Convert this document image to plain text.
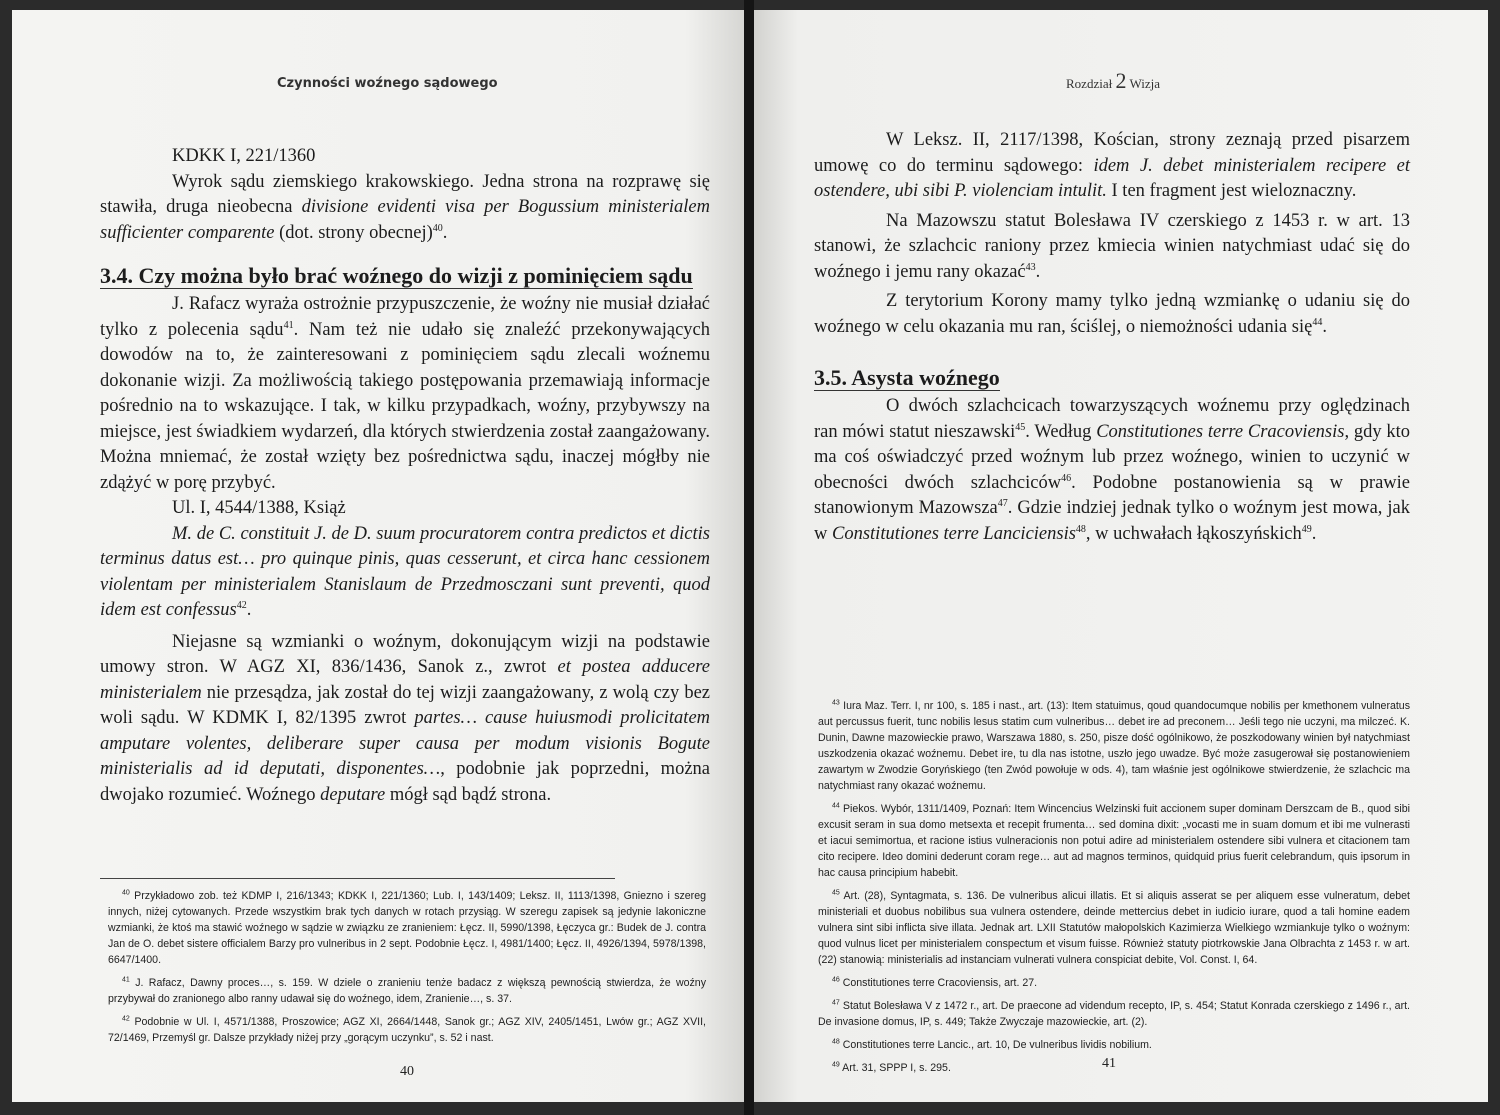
Czynności woźnego sądowego

KDKK I, 221/1360

Wyrok sądu ziemskiego krakowskiego. Jedna strona na rozprawę się stawiła, druga nieobecna divisione evidenti visa per Bogussium ministerialem sufficienter comparente (dot. strony obecnej)$^{40}$.

3.4. Czy można było brać woźnego do wizji z pominięciem sądu

J. Rafacz wyraża ostrożnie przypuszczenie, że woźny nie musiał działać tylko z polecenia sądu$^{41}$. Nam też nie udało się znaleźć przekonywających dowodów na to, że zainteresowani z pominięciem sądu zlecali woźnemu dokonanie wizji. Za możliwością takiego postępowania przemawiają informacje pośrednio na to wskazujące. I tak, w kilku przypadkach, woźny, przybywszy na miejsce, jest świadkiem wydarzeń, dla których stwierdzenia został zaangażowany. Można mniemać, że został wzięty bez pośrednictwa sądu, inaczej mógłby nie zdążyć w porę przybyć.

Ul. I, 4544/1388, Książ

M. de C. constituit J. de D. suum procuratorem contra predictos et dictis terminus datus est… pro quinque pinis, quas cesserunt, et circa hanc cessionem violentam per ministerialem Stanislaum de Przedmosczani sunt preventi, quod idem est confessus$^{42}$.

Niejasne są wzmianki o woźnym, dokonującym wizji na podstawie umowy stron. W AGZ XI, 836/1436, Sanok z., zwrot et postea adducere ministerialem nie przesądza, jak został do tej wizji zaangażowany, z wolą czy bez woli sądu. W KDMK I, 82/1395 zwrot partes… cause huiusmodi prolicitatem amputare volentes, deliberare super causa per modum visionis Bogute ministerialis ad id deputati, disponentes…, podobnie jak poprzedni, można dwojako rozumieć. Woźnego deputare mógł sąd bądź strona.

$^{40}$ Przykładowo zob. też KDMP I, 216/1343; KDKK I, 221/1360; Lub. I, 143/1409; Leksz. II, 1113/1398, Gniezno i szereg innych, niżej cytowanych. Przede wszystkim brak tych danych w rotach przysiąg. W szeregu zapisek są jedynie lakoniczne wzmianki, że ktoś ma stawić woźnego w sądzie w związku ze zranieniem: Łęcz. II, 5990/1398, Łęczyca gr.: Budek de J. contra Jan de O. debet sistere officialem Barzy pro vulneribus in 2 sept. Podobnie Łęcz. I, 4981/1400; Łęcz. II, 4926/1394, 5978/1398, 6647/1400.

$^{41}$ J. Rafacz, Dawny proces…, s. 159. W dziele o zranieniu tenże badacz z większą pewnością stwierdza, że woźny przybywał do zranionego albo ranny udawał się do woźnego, idem, Zranienie…, s. 37.

$^{42}$ Podobnie w Ul. I, 4571/1388, Proszowice; AGZ XI, 2664/1448, Sanok gr.; AGZ XIV, 2405/1451, Lwów gr.; AGZ XVII, 72/1469, Przemyśl gr. Dalsze przykłady niżej przy „gorącym uczynku”, s. 52 i nast.

40
Rozdział 2 Wizja

W Leksz. II, 2117/1398, Kościan, strony zeznają przed pisarzem umowę co do terminu sądowego: idem J. debet ministerialem recipere et ostendere, ubi sibi P. violenciam intulit. I ten fragment jest wieloznaczny.

Na Mazowszu statut Bolesława IV czerskiego z 1453 r. w art. 13 stanowi, że szlachcic raniony przez kmiecia winien natychmiast udać się do woźnego i jemu rany okazać$^{43}$.

Z terytorium Korony mamy tylko jedną wzmiankę o udaniu się do woźnego w celu okazania mu ran, ściślej, o niemożności udania się$^{44}$.

3.5. Asysta woźnego

O dwóch szlachcicach towarzyszących woźnemu przy oględzinach ran mówi statut nieszawski$^{45}$. Według Constitutiones terre Cracoviensis, gdy kto ma coś oświadczyć przed woźnym lub przez woźnego, winien to uczynić w obecności dwóch szlachciców$^{46}$. Podobne postanowienia są w prawie stanowionym Mazowsza$^{47}$. Gdzie indziej jednak tylko o woźnym jest mowa, jak w Constitutiones terre Lanciciensis$^{48}$, w uchwałach łąkoszyńskich$^{49}$.

$^{43}$ Iura Maz. Terr. I, nr 100, s. 185 i nast., art. (13): Item statuimus, qoud quandocumque nobilis per kmethonem vulneratus aut percussus fuerit, tunc nobilis lesus statim cum vulneribus… debet ire ad preconem… Jeśli tego nie uczyni, ma milczeć. K. Dunin, Dawne mazowieckie prawo, Warszawa 1880, s. 250, pisze dość ogólnikowo, że poszkodowany winien był natychmiast uszkodzenia okazać woźnemu. Debet ire, tu dla nas istotne, uszło jego uwadze. Być może zasugerował się postanowieniem zawartym w Zwodzie Goryńskiego (ten Zwód powołuje w ods. 4), tam właśnie jest ogólnikowe stwierdzenie, że szlachcic ma natychmiast rany okazać woźnemu.

$^{44}$ Piekos. Wybór, 1311/1409, Poznań: Item Wincencius Welzinski fuit accionem super dominam Derszcam de B., quod sibi excusit seram in sua domo metsexta et recepit frumenta… sed domina dixit: „vocasti me in suam domum et ibi me vulnerasti et iacui semimortua, et racione istius vulneracionis non potui adire ad ministerialem ostendere sibi vulnera et citacionem tam cito recipere. Ideo domini dederunt coram rege… aut ad magnos terminos, quidquid prius fuerit celebrandum, quis ipsorum in hac causa principium habebit.

$^{45}$ Art. (28), Syntagmata, s. 136. De vulneribus alicui illatis. Et si aliquis asserat se per aliquem esse vulneratum, debet ministeriali et duobus nobilibus sua vulnera ostendere, deinde mettercius debet in iudicio iurare, quod a tali homine eadem vulnera sint sibi inflicta sive illata. Jednak art. LXII Statutów małopolskich Kazimierza Wielkiego wzmiankuje tylko o woźnym: quod vulnus licet per ministerialem conspectum et visum fuisse. Również statuty piotrkowskie Jana Olbrachta z 1453 r. w art. (22) stanowią: ministerialis ad instanciam vulnerati vulnera conspiciat debite, Vol. Const. I, 64.

$^{46}$ Constitutiones terre Cracoviensis, art. 27.

$^{47}$ Statut Bolesława V z 1472 r., art. De praecone ad videndum recepto, IP, s. 454; Statut Konrada czerskiego z 1496 r., art. De invasione domus, IP, s. 449; Także Zwyczaje mazowieckie, art. (2).

$^{48}$ Constitutiones terre Lancic., art. 10, De vulneribus lividis nobilium.

$^{49}$ Art. 31, SPPP I, s. 295.	41
